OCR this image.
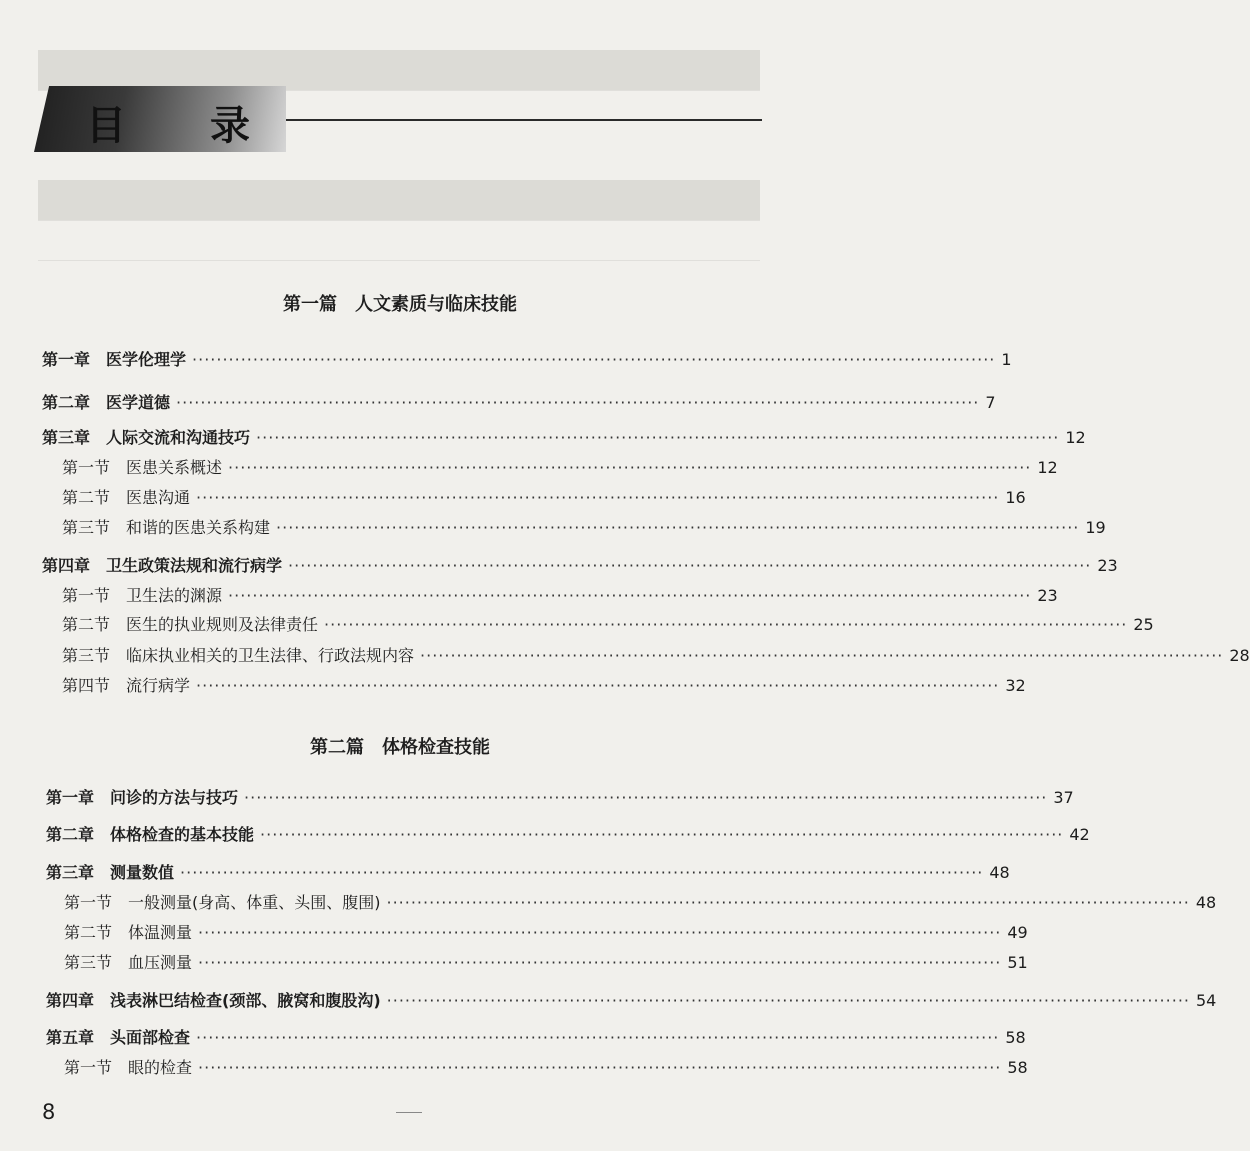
目　录
第一篇　人文素质与临床技能
第一章　医学伦理学 ···································································································································· 1
第二章　医学道德 ···································································································································· 7
第三章　人际交流和沟通技巧 ···································································································································· 12
第一节　医患关系概述 ···································································································································· 12
第二节　医患沟通 ···································································································································· 16
第三节　和谐的医患关系构建 ···································································································································· 19
第四章　卫生政策法规和流行病学 ···································································································································· 23
第一节　卫生法的渊源 ···································································································································· 23
第二节　医生的执业规则及法律责任 ···································································································································· 25
第三节　临床执业相关的卫生法律、行政法规内容 ···································································································································· 28
第四节　流行病学 ···································································································································· 32
第二篇　体格检查技能
第一章　问诊的方法与技巧 ···································································································································· 37
第二章　体格检查的基本技能 ···································································································································· 42
第三章　测量数值 ···································································································································· 48
第一节　一般测量(身高、体重、头围、腹围) ···································································································································· 48
第二节　体温测量 ···································································································································· 49
第三节　血压测量 ···································································································································· 51
第四章　浅表淋巴结检查(颈部、腋窝和腹股沟) ···································································································································· 54
第五章　头面部检查 ···································································································································· 58
第一节　眼的检查 ···································································································································· 58
8
